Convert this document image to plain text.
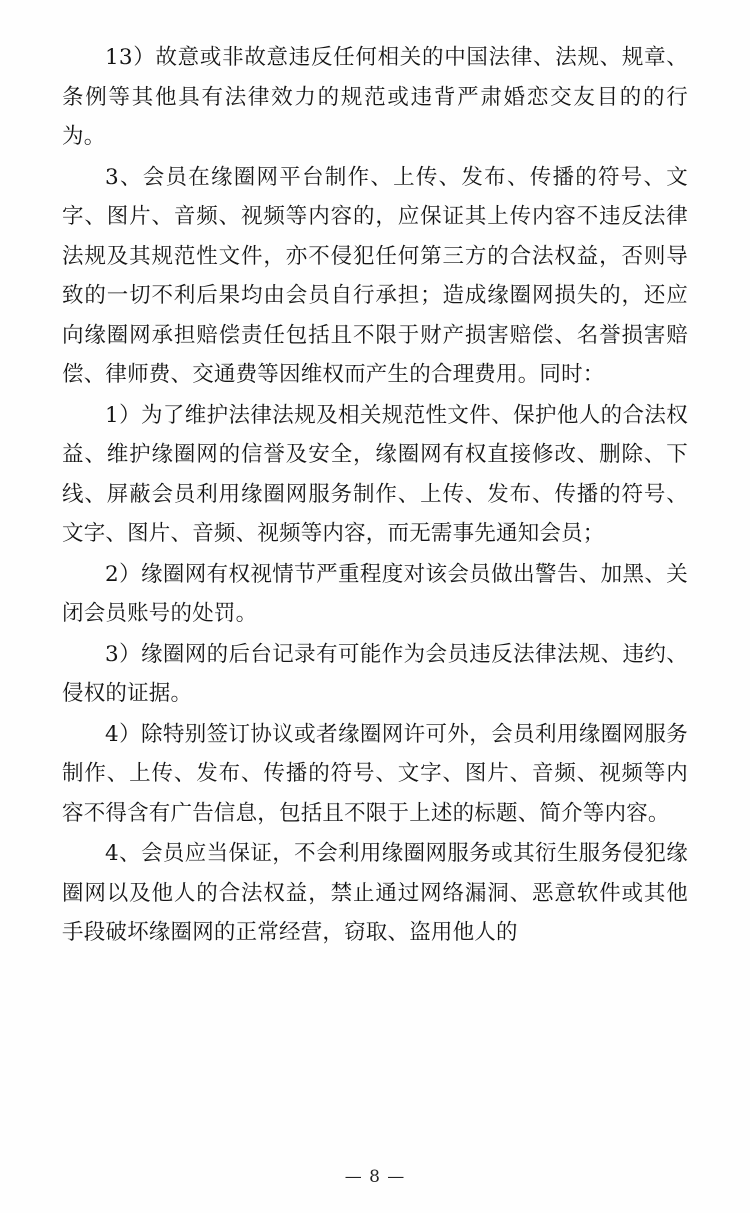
13）故意或非故意违反任何相关的中国法律、法规、规章、条例等其他具有法律效力的规范或违背严肃婚恋交友目的的行为。

3、会员在缘圈网平台制作、上传、发布、传播的符号、文字、图片、音频、视频等内容的，应保证其上传内容不违反法律法规及其规范性文件，亦不侵犯任何第三方的合法权益，否则导致的一切不利后果均由会员自行承担；造成缘圈网损失的，还应向缘圈网承担赔偿责任包括且不限于财产损害赔偿、名誉损害赔偿、律师费、交通费等因维权而产生的合理费用。同时：

1）为了维护法律法规及相关规范性文件、保护他人的合法权益、维护缘圈网的信誉及安全，缘圈网有权直接修改、删除、下线、屏蔽会员利用缘圈网服务制作、上传、发布、传播的符号、文字、图片、音频、视频等内容，而无需事先通知会员；

2）缘圈网有权视情节严重程度对该会员做出警告、加黑、关闭会员账号的处罚。

3）缘圈网的后台记录有可能作为会员违反法律法规、违约、侵权的证据。

4）除特别签订协议或者缘圈网许可外，会员利用缘圈网服务制作、上传、发布、传播的符号、文字、图片、音频、视频等内容不得含有广告信息，包括且不限于上述的标题、简介等内容。

4、会员应当保证，不会利用缘圈网服务或其衍生服务侵犯缘圈网以及他人的合法权益，禁止通过网络漏洞、恶意软件或其他手段破坏缘圈网的正常经营，窃取、盗用他人的

— 8 —
